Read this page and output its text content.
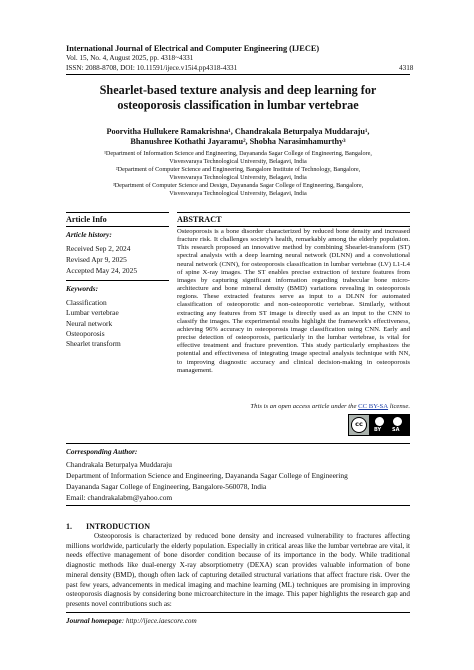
International Journal of Electrical and Computer Engineering (IJECE)
Vol. 15, No. 4, August 2025, pp. 4318~4331
ISSN: 2088-8708, DOI: 10.11591/ijece.v15i4.pp4318-4331	4318
Shearlet-based texture analysis and deep learning for
osteoporosis classification in lumbar vertebrae
Poorvitha Hullukere Ramakrishna¹, Chandrakala Beturpalya Muddaraju¹,
Bhanushree Kothathi Jayaramu², Shobha Narasimhamurthy³
¹Department of Information Science and Engineering, Dayananda Sagar College of Engineering, Bangalore,
Visvesvaraya Technological University, Belagavi, India
²Department of Computer Science and Engineering, Bangalore Institute of Technology, Bangalore,
Visvesvaraya Technological University, Belagavi, India
³Department of Computer Science and Design, Dayananda Sagar College of Engineering, Bangalore,
Visvesvaraya Technological University, Belagavi, India
Article Info
Article history:
Received Sep 2, 2024
Revised Apr 9, 2025
Accepted May 24, 2025
Keywords:
Classification
Lumbar vertebrae
Neural network
Osteoporosis
Shearlet transform
ABSTRACT
Osteoporosis is a bone disorder characterized by reduced bone density and increased fracture risk. It challenges society's health, remarkably among the elderly population. This research proposed an innovative method by combining Shearlet-transform (ST) spectral analysis with a deep learning neural network (DLNN) and a convolutional neural network (CNN), for osteoporosis classification in lumbar vertebrae (LV) L1-L4 of spine X-ray images. The ST enables precise extraction of texture features from images by capturing significant information regarding trabecular bone micro-architecture and bone mineral density (BMD) variations revealing in osteoporosis regions. These extracted features serve as input to a DLNN for automated classification of osteoporotic and non-osteoporotic vertebrae. Similarly, without extracting any features from ST image is directly used as an input to the CNN to classify the images. The experimental results highlight the framework's effectiveness, achieving 96% accuracy in osteoporosis image classification using CNN. Early and precise detection of osteoporosis, particularly in the lumbar vertebrae, is vital for effective treatment and fracture prevention. This study particularly emphasizes the potential and effectiveness of integrating image spectral analysis technique with NN, to improving diagnostic accuracy and clinical decision-making in osteoporosis management.
This is an open access article under the CC BY-SA license.
cc
BY SA
Corresponding Author:
Chandrakala Beturpalya Muddaraju
Department of Information Science and Engineering, Dayananda Sagar College of Engineering
Dayananda Sagar College of Engineering, Bangalore-560078, India
Email: chandrakalabm@yahoo.com
1.       INTRODUCTION
Osteoporosis is characterized by reduced bone density and increased vulnerability to fractures affecting millions worldwide, particularly the elderly population. Especially in critical areas like the lumbar vertebrae are vital, it needs effective management of bone disorder condition because of its importance in the body. While traditional diagnostic methods like dual-energy X-ray absorptiometry (DEXA) scan provides valuable information of bone mineral density (BMD), though often lack of capturing detailed structural variations that affect fracture risk. Over the past few years, advancements in medical imaging and machine learning (ML) techniques are promising in improving osteoporosis diagnosis by considering bone microarchitecture in the image. This paper highlights the research gap and presents novel contributions such as:
Journal homepage: http://ijece.iaescore.com
